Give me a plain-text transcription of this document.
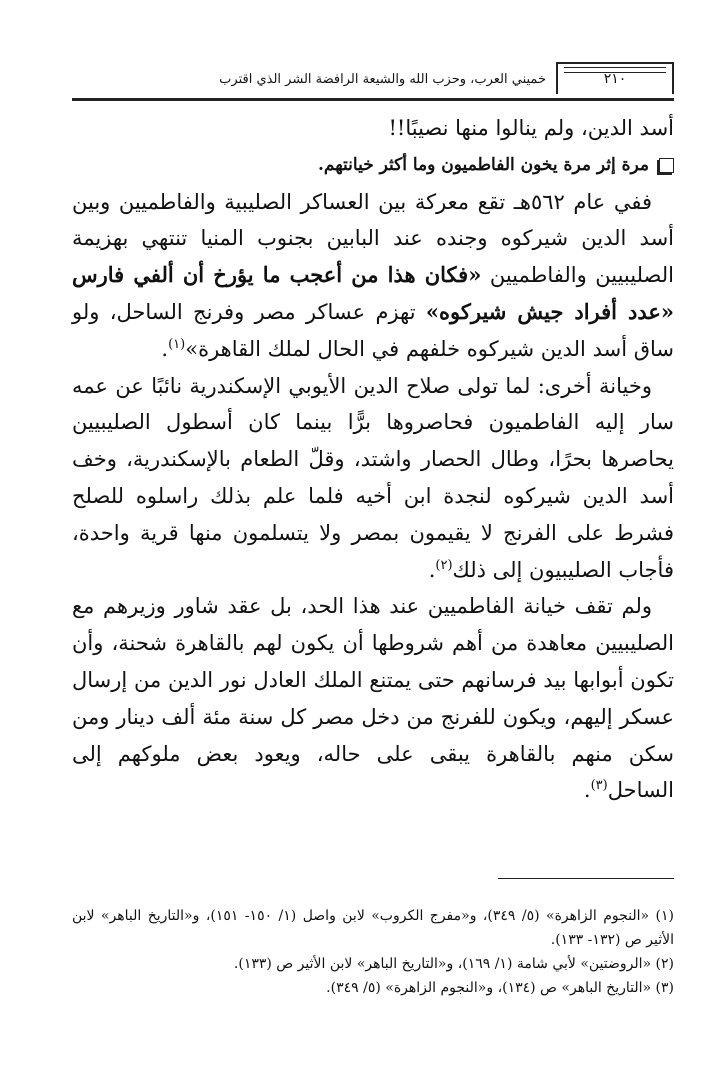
خميني العرب، وحزب الله والشيعة الرافضة الشر الذي اقترب	٢١٠

أسد الدين، ولم ينالوا منها نصيبًا!!

مرة إثر مرة يخون الفاطميون وما أكثر خيانتهم.

ففي عام ٥٦٢هـ تقع معركة بين العساكر الصليبية والفاطميين وبين أسد الدين شيركوه وجنده عند البابين بجنوب المنيا تنتهي بهزيمة الصليبيين والفاطميين «فكان هذا من أعجب ما يؤرخ أن ألفي فارس «عدد أفراد جيش شيركوه» تهزم عساكر مصر وفرنج الساحل، ولو ساق أسد الدين شيركوه خلفهم في الحال لملك القاهرة»$^{(١)}$.

وخيانة أخرى: لما تولى صلاح الدين الأيوبي الإسكندرية نائبًا عن عمه سار إليه الفاطميون فحاصروها برًّا بينما كان أسطول الصليبيين يحاصرها بحرًا، وطال الحصار واشتد، وقلّ الطعام بالإسكندرية، وخف أسد الدين شيركوه لنجدة ابن أخيه فلما علم بذلك راسلوه للصلح فشرط على الفرنج لا يقيمون بمصر ولا يتسلمون منها قرية واحدة، فأجاب الصليبيون إلى ذلك$^{(٢)}$.

ولم تقف خيانة الفاطميين عند هذا الحد، بل عقد شاور وزيرهم مع الصليبيين معاهدة من أهم شروطها أن يكون لهم بالقاهرة شحنة، وأن تكون أبوابها بيد فرسانهم حتى يمتنع الملك العادل نور الدين من إرسال عسكر إليهم، ويكون للفرنج من دخل مصر كل سنة مئة ألف دينار ومن سكن منهم بالقاهرة يبقى على حاله، ويعود بعض ملوكهم إلى الساحل$^{(٣)}$.

(١) «النجوم الزاهرة» (٥/ ٣٤٩)، و«مفرج الكروب» لابن واصل (١/ ١٥٠- ١٥١)، و«التاريخ الباهر» لابن الأثير ص (١٣٢- ١٣٣).

(٢) «الروضتين» لأبي شامة (١/ ١٦٩)، و«التاريخ الباهر» لابن الأثير ص (١٣٣).

(٣) «التاريخ الباهر» ص (١٣٤)، و«النجوم الزاهرة» (٥/ ٣٤٩).
